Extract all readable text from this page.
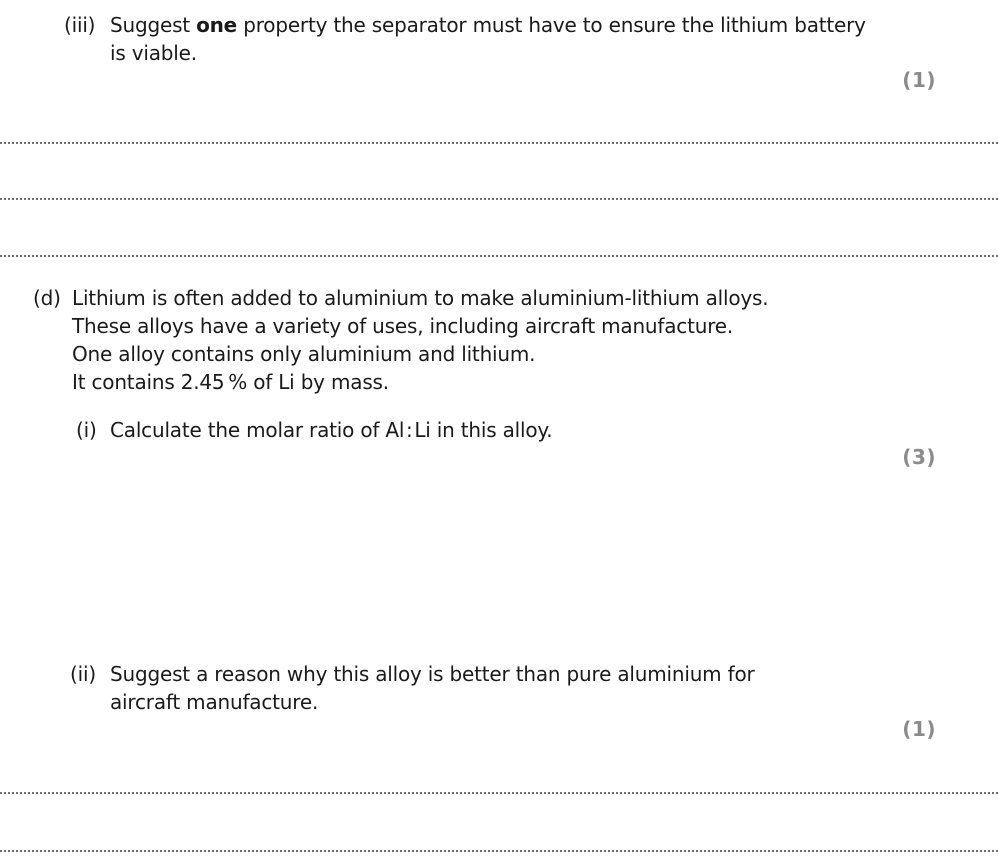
(iii) Suggest one property the separator must have to ensure the lithium battery
is viable.
(1)
(d) Lithium is often added to aluminium to make aluminium-lithium alloys.
These alloys have a variety of uses, including aircraft manufacture.
One alloy contains only aluminium and lithium.
It contains 2.45 % of Li by mass.
(i) Calculate the molar ratio of Al : Li in this alloy.
(3)
(ii) Suggest a reason why this alloy is better than pure aluminium for
aircraft manufacture.
(1)
